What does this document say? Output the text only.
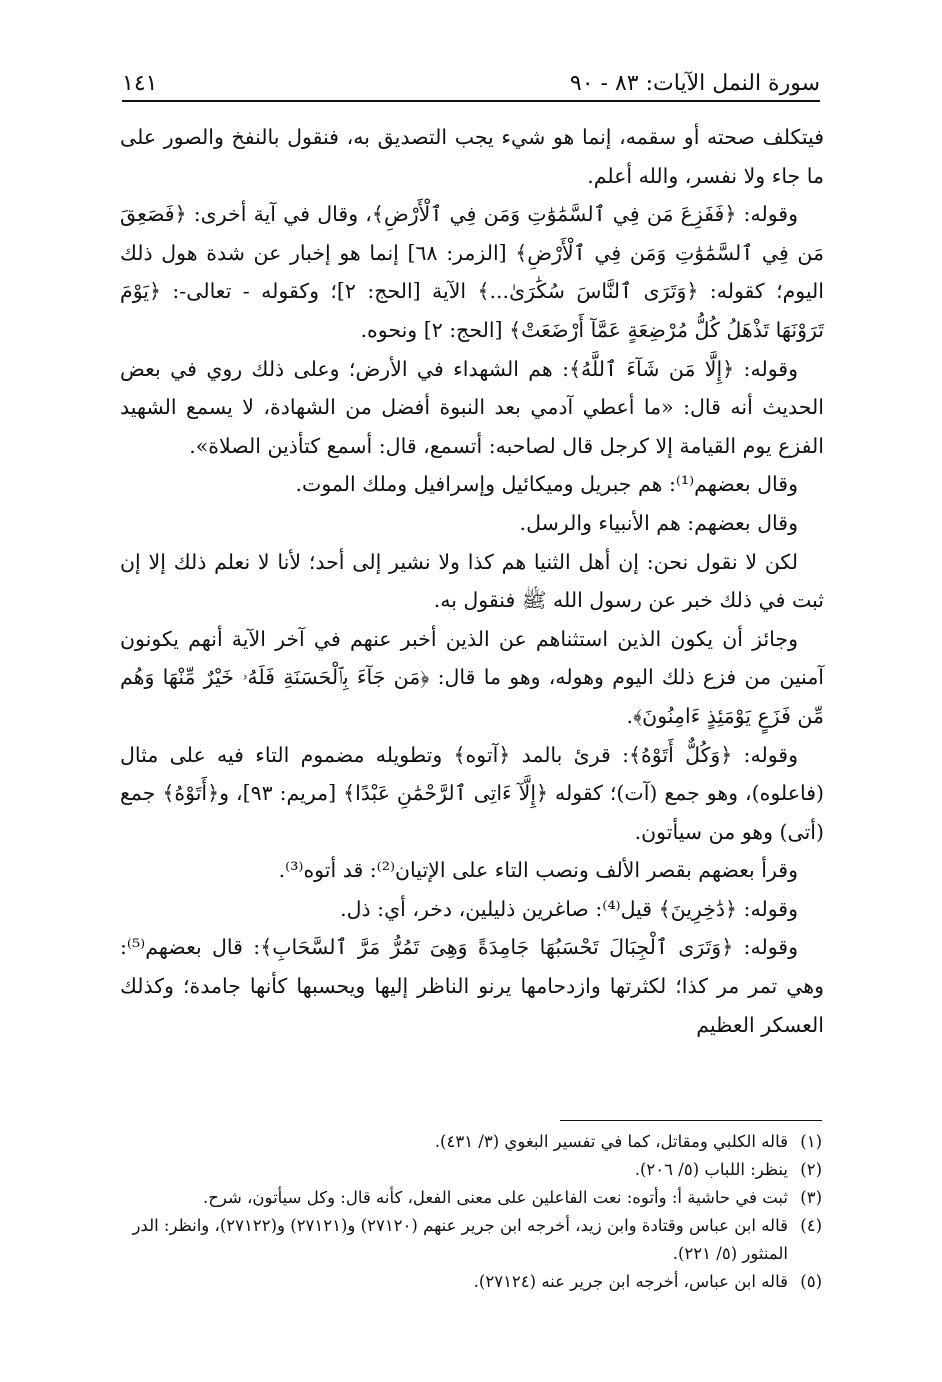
سورة النمل الآيات: ٨٣ - ٩٠
١٤١

فيتكلف صحته أو سقمه، إنما هو شيء يجب التصديق به، فنقول بالنفخ والصور على ما جاء ولا نفسر، والله أعلم.

وقوله: ﴿فَفَزِعَ مَن فِي ٱلسَّمَٰوَٰتِ وَمَن فِي ٱلْأَرْضِ﴾، وقال في آية أخرى: ﴿فَصَعِقَ مَن فِي ٱلسَّمَٰوَٰتِ وَمَن فِي ٱلْأَرْضِ﴾ [الزمر: ٦٨] إنما هو إخبار عن شدة هول ذلك اليوم؛ كقوله: ﴿وَتَرَى ٱلنَّاسَ سُكَٰرَىٰ...﴾ الآية [الحج: ٢]؛ وكقوله - تعالى-: ﴿يَوْمَ تَرَوْنَهَا تَذْهَلُ كُلُّ مُرْضِعَةٍ عَمَّآ أَرْضَعَتْ﴾ [الحج: ٢] ونحوه.

وقوله: ﴿إِلَّا مَن شَآءَ ٱللَّهُ﴾: هم الشهداء في الأرض؛ وعلى ذلك روي في بعض الحديث أنه قال: «ما أعطي آدمي بعد النبوة أفضل من الشهادة، لا يسمع الشهيد الفزع يوم القيامة إلا كرجل قال لصاحبه: أتسمع، قال: أسمع كتأذين الصلاة».

وقال بعضهم⁽¹⁾: هم جبريل وميكائيل وإسرافيل وملك الموت.

وقال بعضهم: هم الأنبياء والرسل.

لكن لا نقول نحن: إن أهل الثنيا هم كذا ولا نشير إلى أحد؛ لأنا لا نعلم ذلك إلا إن ثبت في ذلك خبر عن رسول الله ﷺ فنقول به.

وجائز أن يكون الذين استثناهم عن الذين أخبر عنهم في آخر الآية أنهم يكونون آمنين من فزع ذلك اليوم وهوله، وهو ما قال: ﴿مَن جَآءَ بِٱلْحَسَنَةِ فَلَهُۥ خَيْرٌ مِّنْهَا وَهُم مِّن فَزَعٍ يَوْمَئِذٍ ءَامِنُونَ﴾.

وقوله: ﴿وَكُلٌّ أَتَوْهُ﴾: قرئ بالمد ﴿آتوه﴾ وتطويله مضموم التاء فيه على مثال (فاعلوه)، وهو جمع (آت)؛ كقوله ﴿إِلَّآ ءَاتِى ٱلرَّحْمَٰنِ عَبْدًا﴾ [مريم: ٩٣]، و﴿أَتَوْهُ﴾ جمع (أتى) وهو من سيأتون.

وقرأ بعضهم بقصر الألف ونصب التاء على الإتيان⁽²⁾: قد أتوه⁽³⁾.

وقوله: ﴿دَٰخِرِينَ﴾ قيل⁽⁴⁾: صاغرين ذليلين، دخر، أي: ذل.

وقوله: ﴿وَتَرَى ٱلْجِبَالَ تَحْسَبُهَا جَامِدَةً وَهِىَ تَمُرُّ مَرَّ ٱلسَّحَابِ﴾: قال بعضهم⁽⁵⁾: وهي تمر مر كذا؛ لكثرتها وازدحامها يرنو الناظر إليها ويحسبها كأنها جامدة؛ وكذلك العسكر العظيم

(١)
قاله الكلبي ومقاتل، كما في تفسير البغوي (٣/ ٤٣١).
(٢)
ينظر: اللباب (٥/ ٢٠٦).
(٣)
ثبت في حاشية أ: وأتوه: نعت الفاعلين على معنى الفعل، كأنه قال: وكل سيأتون، شرح.
(٤)
قاله ابن عباس وقتادة وابن زيد، أخرجه ابن جرير عنهم (٢٧١٢٠) و(٢٧١٢١) و(٢٧١٢٢)، وانظر: الدر المنثور (٥/ ٢٢١).
(٥)
قاله ابن عباس، أخرجه ابن جرير عنه (٢٧١٢٤).
